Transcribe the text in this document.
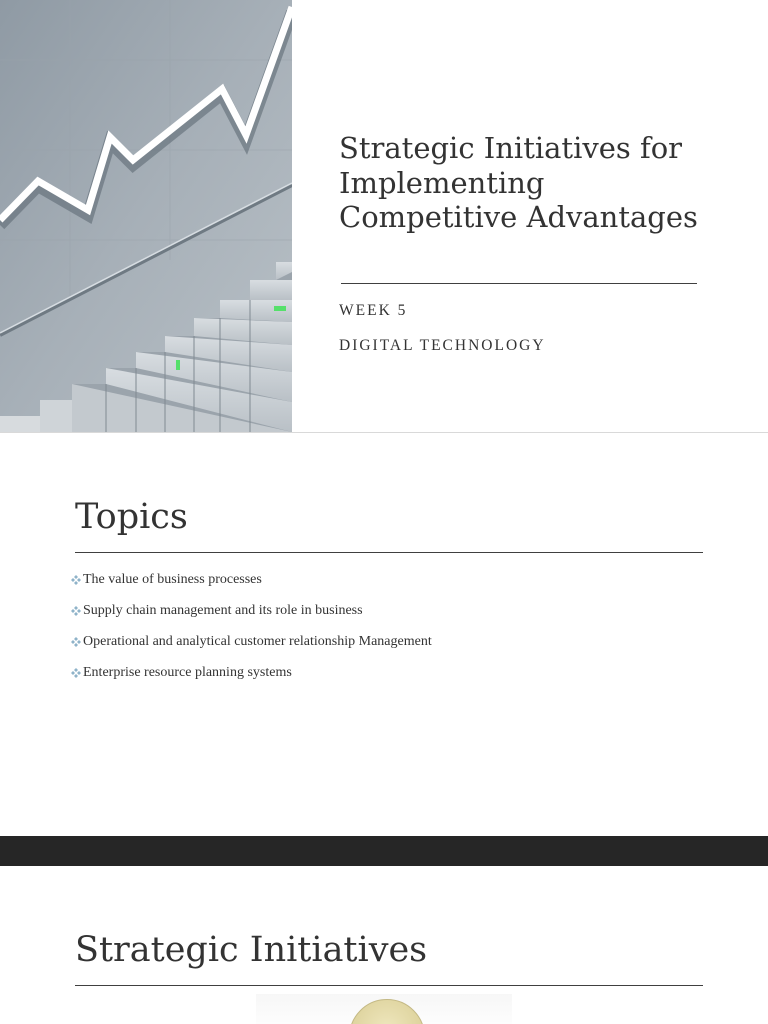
Strategic Initiatives for Implementing Competitive Advantages
WEEK 5
DIGITAL TECHNOLOGY
Topics
The value of business processes
Supply chain management and its role in business
Operational and analytical customer relationship Management
Enterprise resource planning systems
Strategic Initiatives
